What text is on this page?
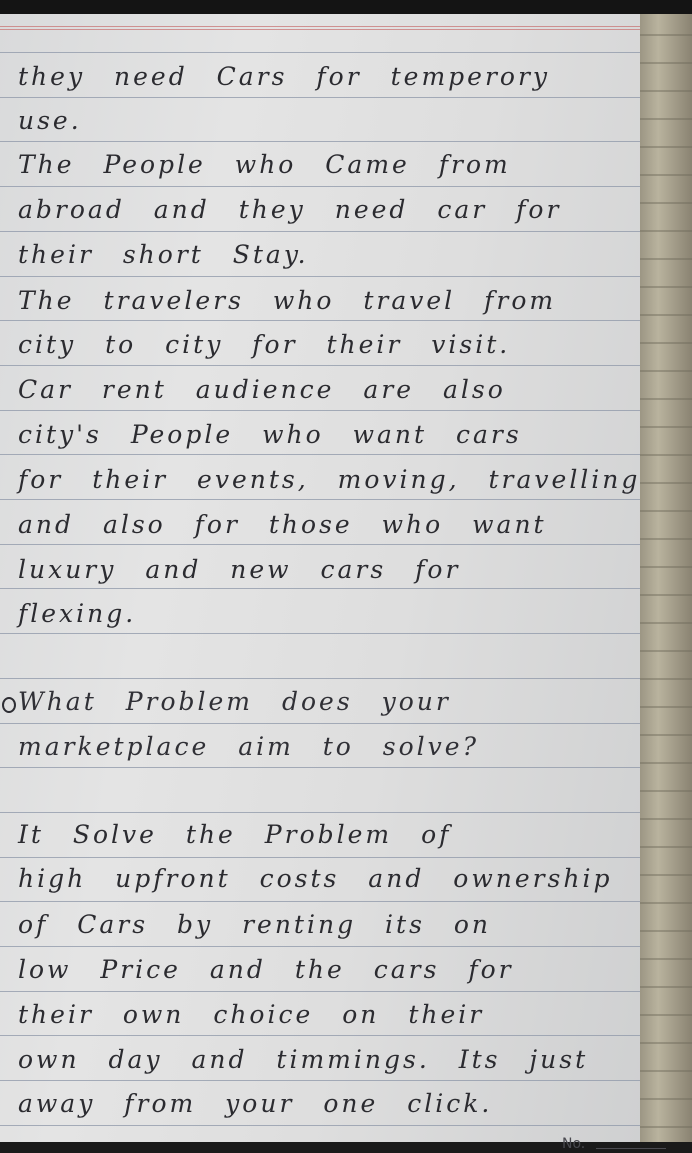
they need Cars for temperory
use.
The People who Came from
abroad and they need car for
their short Stay.
The travelers who travel from
city to city for their visit.
Car rent audience are also
city's People who want cars
for their events, moving, travelling
and also for those who want
luxury and new cars for
flexing.
What Problem does your
marketplace aim to solve?
It Solve the Problem of
high upfront costs and ownership
of Cars by renting its on
low Price and the cars for
their own choice on their
own day and timmings. Its just
away from your one click.
No.
